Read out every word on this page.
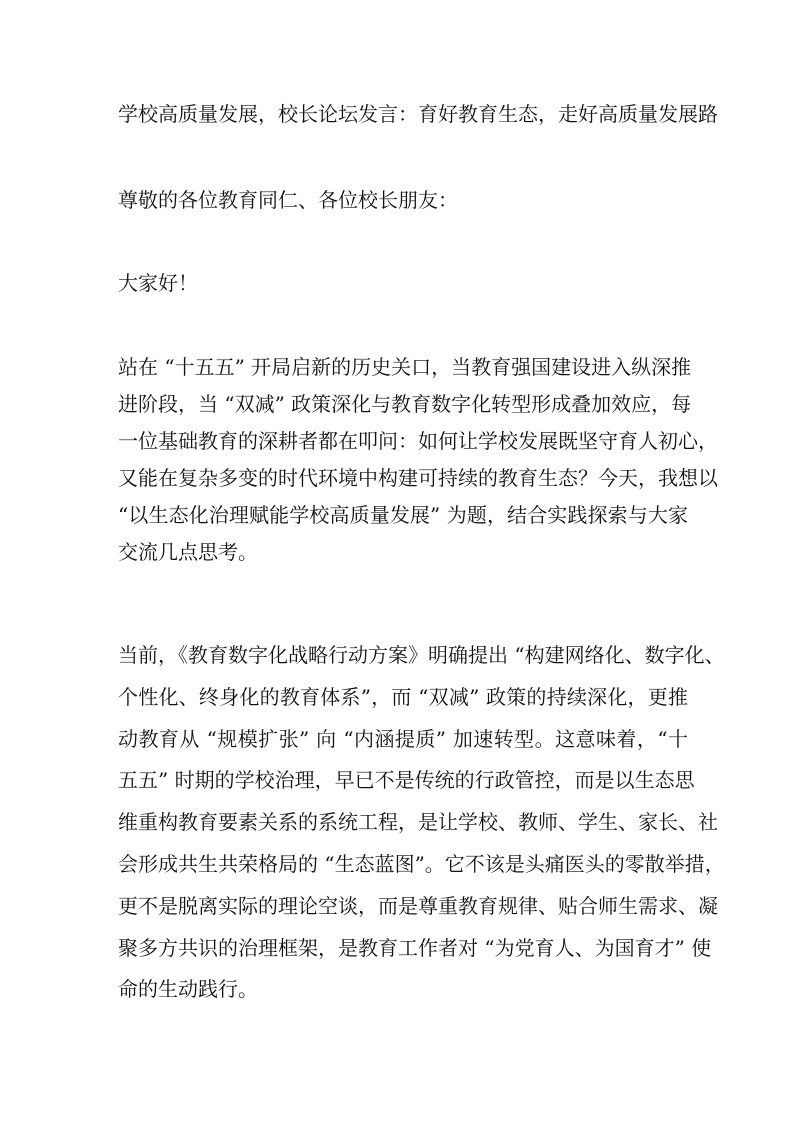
学校高质量发展，校长论坛发言：育好教育生态，走好高质量发展路
尊敬的各位教育同仁、各位校长朋友：
大家好！
站在 “十五五” 开局启新的历史关口，当教育强国建设进入纵深推
进阶段，当 “双减” 政策深化与教育数字化转型形成叠加效应，每
一位基础教育的深耕者都在叩问：如何让学校发展既坚守育人初心，
又能在复杂多变的时代环境中构建可持续的教育生态？今天，我想以
“以生态化治理赋能学校高质量发展” 为题，结合实践探索与大家
交流几点思考。
当前，《教育数字化战略行动方案》明确提出 “构建网络化、数字化、
个性化、终身化的教育体系”，而 “双减” 政策的持续深化，更推
动教育从 “规模扩张” 向 “内涵提质” 加速转型。这意味着，“十
五五” 时期的学校治理，早已不是传统的行政管控，而是以生态思
维重构教育要素关系的系统工程，是让学校、教师、学生、家长、社
会形成共生共荣格局的 “生态蓝图”。它不该是头痛医头的零散举措，
更不是脱离实际的理论空谈，而是尊重教育规律、贴合师生需求、凝
聚多方共识的治理框架，是教育工作者对 “为党育人、为国育才” 使
命的生动践行。
